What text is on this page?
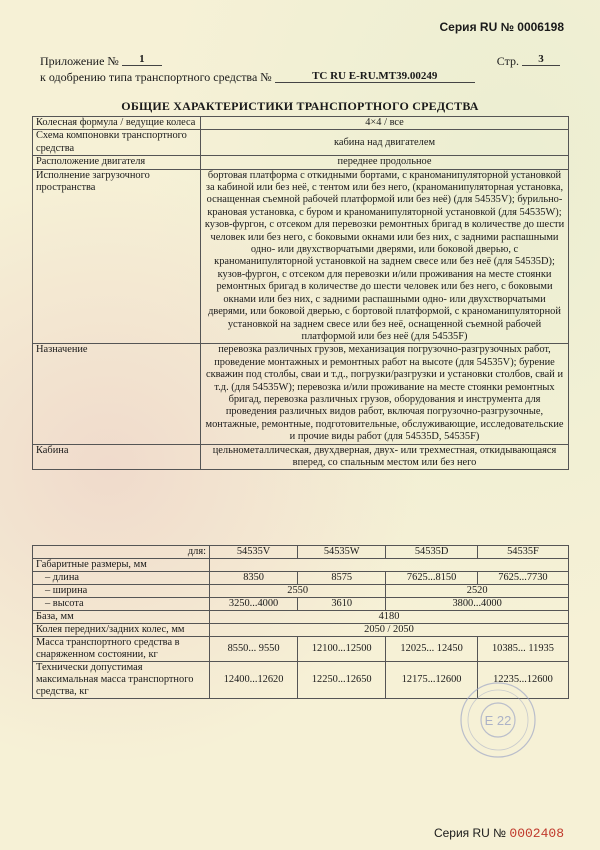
Серия RU № 0006198
Приложение № 1	Стр. 3
к одобрению типа транспортного средства №	ТС RU E-RU.МТ39.00249
ОБЩИЕ ХАРАКТЕРИСТИКИ ТРАНСПОРТНОГО СРЕДСТВА
Колесная формула / ведущие колеса	4×4 / все
Схема компоновки транспортного средства	кабина над двигателем
Расположение двигателя	переднее продольное
Исполнение загрузочного пространства	бортовая платформа с откидными бортами, с краноманипуляторной установкой за кабиной или без неё, с тентом или без него, (краноманипуляторная установка, оснащенная съемной рабочей платформой или без неё) (для 54535V); бурильно-крановая установка, с буром и краноманипуляторной установкой (для 54535W); кузов-фургон, с отсеком для перевозки ремонтных бригад в количестве до шести человек или без него, с боковыми окнами или без них, с задними распашными одно- или двухстворчатыми дверями, или боковой дверью, с краноманипуляторной установкой на заднем свесе или без неё (для 54535D); кузов-фургон, с отсеком для перевозки и/или проживания на месте стоянки ремонтных бригад в количестве до шести человек или без него, с боковыми окнами или без них, с задними распашными одно- или двухстворчатыми дверями, или боковой дверью, с бортовой платформой, с краноманипуляторной установкой на заднем свесе или без неё, оснащенной съемной рабочей платформой или без неё (для 54535F)
Назначение	перевозка различных грузов, механизация погрузочно-разгрузочных работ, проведение монтажных и ремонтных работ на высоте (для 54535V); бурение скважин под столбы, сваи и т.д., погрузки/разгрузки и установки столбов, свай и т.д. (для 54535W); перевозка и/или проживание на месте стоянки ремонтных бригад, перевозка различных грузов, оборудования и инструмента для проведения различных видов работ, включая погрузочно-разгрузочные, монтажные, ремонтные, подготовительные, обслуживающие, исследовательские и прочие виды работ (для 54535D, 54535F)
Кабина	цельнометаллическая, двухдверная, двух- или трехместная, откидывающаяся вперед, со спальным местом или без него
для:	54535V	54535W	54535D	54535F
Габаритные размеры, мм				
– длина	8350	8575	7625...8150	7625...7730
– ширина	2550		2520	
– высота	3250...4000	3610	3800...4000	
База, мм	4180			
Колея передних/задних колес, мм	2050 / 2050			
Масса транспортного средства в снаряженном состоянии, кг	8550... 9550	12100...12500	12025... 12450	10385... 11935
Технически допустимая максимальная масса транспортного средства, кг	12400...12620	12250...12650	12175...12600	12235...12600
E 22
Серия RU № 0002408
